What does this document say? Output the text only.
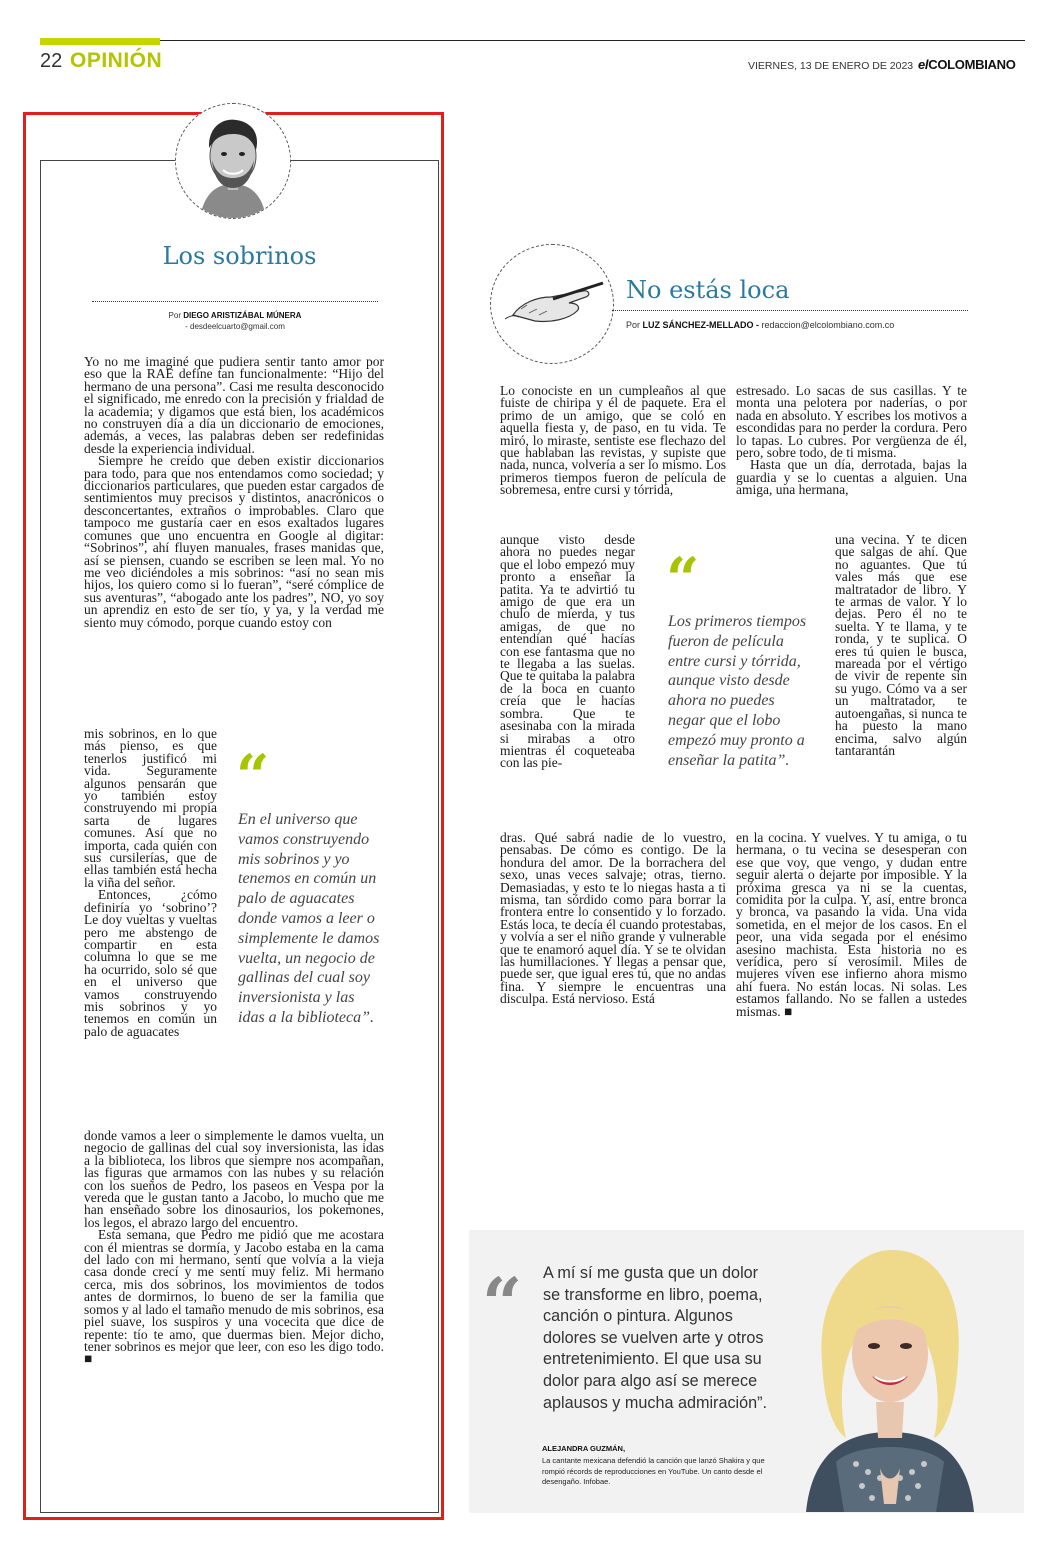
22 OPINIÓN	VIERNES, 13 DE ENERO DE 2023 elCOLOMBIANO
Los sobrinos
Por DIEGO ARISTIZÁBAL MÚNERA
- desdeelcuarto@gmail.com

Yo no me imaginé que pudiera sentir tanto amor por eso que la RAE define tan funcionalmente: “Hijo del hermano de una persona”. Casi me resulta desconocido el significado, me enredo con la precisión y frialdad de la academia; y digamos que está bien, los académicos no construyen día a día un diccionario de emociones, además, a veces, las palabras deben ser redefinidas desde la experiencia individual.

Siempre he creído que deben existir diccionarios para todo, para que nos entendamos como sociedad; y diccionarios particulares, que pueden estar cargados de sentimientos muy precisos y distintos, anacrónicos o desconcertantes, extraños o improbables. Claro que tampoco me gustaría caer en esos exaltados lugares comunes que uno encuentra en Google al digitar: “Sobrinos”, ahí fluyen manuales, frases manidas que, así se piensen, cuando se escriben se leen mal. Yo no me veo diciéndoles a mis sobrinos: “así no sean mis hijos, los quiero como si lo fueran”, “seré cómplice de sus aventuras”, “abogado ante los padres”, NO, yo soy un aprendiz en esto de ser tío, y ya, y la verdad me siento muy cómodo, porque cuando estoy con

mis sobrinos, en lo que más pienso, es que tenerlos justificó mi vida. Seguramente algunos pensarán que yo también estoy construyendo mi propia sarta de lugares comunes. Así que no importa, cada quién con sus cursilerías, que de ellas también está hecha la viña del señor.

Entonces, ¿cómo definiría yo ‘sobrino’? Le doy vueltas y vueltas pero me abstengo de compartir en esta columna lo que se me ha ocurrido, solo sé que en el universo que vamos construyendo mis sobrinos y yo tenemos en común un palo de aguacates

donde vamos a leer o simplemente le damos vuelta, un negocio de gallinas del cual soy inversionista, las idas a la biblioteca, los libros que siempre nos acompañan, las figuras que armamos con las nubes y su relación con los sueños de Pedro, los paseos en Vespa por la vereda que le gustan tanto a Jacobo, lo mucho que me han enseñado sobre los dinosaurios, los pokemones, los legos, el abrazo largo del encuentro.

Esta semana, que Pedro me pidió que me acostara con él mientras se dormía, y Jacobo estaba en la cama del lado con mi hermano, sentí que volvía a la vieja casa donde crecí y me sentí muy feliz. Mi hermano cerca, mis dos sobrinos, los movimientos de todos antes de dormirnos, lo bueno de ser la familia que somos y al lado el tamaño menudo de mis sobrinos, esa piel suave, los suspiros y una vocecita que dice de repente: tío te amo, que duermas bien. Mejor dicho, tener sobrinos es mejor que leer, con eso les digo todo. ■

“
En el universo que vamos construyendo mis sobrinos y yo tenemos en común un palo de aguacates donde vamos a leer o simplemente le damos vuelta, un negocio de gallinas del cual soy inversionista y las idas a la biblioteca”.
No estás loca
Por LUZ SÁNCHEZ-MELLADO - redaccion@elcolombiano.com.co

Lo conociste en un cumpleaños al que fuiste de chiripa y él de paquete. Era el primo de un amigo, que se coló en aquella fiesta y, de paso, en tu vida. Te miró, lo miraste, sentiste ese flechazo del que hablaban las revistas, y supiste que nada, nunca, volvería a ser lo mismo. Los primeros tiempos fueron de película de sobremesa, entre cursi y tórrida,

aunque visto desde ahora no puedes negar que el lobo empezó muy pronto a enseñar la patita. Ya te advirtió tu amigo de que era un chulo de mierda, y tus amigas, de que no entendían qué hacías con ese fantasma que no te llegaba a las suelas. Que te quitaba la palabra de la boca en cuanto creía que le hacías sombra. Que te asesinaba con la mirada si mirabas a otro mientras él coqueteaba con las pie-

dras. Qué sabrá nadie de lo vuestro, pensabas. De cómo es contigo. De la hondura del amor. De la borrachera del sexo, unas veces salvaje; otras, tierno. Demasiadas, y esto te lo niegas hasta a ti misma, tan sórdido como para borrar la frontera entre lo consentido y lo forzado. Estás loca, te decía él cuando protestabas, y volvía a ser el niño grande y vulnerable que te enamoró aquel día. Y se te olvidan las humillaciones. Y llegas a pensar que, puede ser, que igual eres tú, que no andas fina. Y siempre le encuentras una disculpa. Está nervioso. Está

estresado. Lo sacas de sus casillas. Y te monta una pelotera por naderías, o por nada en absoluto. Y escribes los motivos a escondidas para no perder la cordura. Pero lo tapas. Lo cubres. Por vergüenza de él, pero, sobre todo, de ti misma.

Hasta que un día, derrotada, bajas la guardia y se lo cuentas a alguien. Una amiga, una hermana,

una vecina. Y te dicen que salgas de ahí. Que no aguantes. Que tú vales más que ese maltratador de libro. Y te armas de valor. Y lo dejas. Pero él no te suelta. Y te llama, y te ronda, y te suplica. O eres tú quien le busca, mareada por el vértigo de vivir de repente sin su yugo. Cómo va a ser un maltratador, te autoengañas, si nunca te ha puesto la mano encima, salvo algún tantarantán

en la cocina. Y vuelves. Y tu amiga, o tu hermana, o tu vecina se desesperan con ese que voy, que vengo, y dudan entre seguir alerta o dejarte por imposible. Y la próxima gresca ya ni se la cuentas, comidita por la culpa. Y, así, entre bronca y bronca, va pasando la vida. Una vida sometida, en el mejor de los casos. En el peor, una vida segada por el enésimo asesino machista. Esta historia no es verídica, pero sí verosímil. Miles de mujeres viven ese infierno ahora mismo ahí fuera. No están locas. Ni solas. Les estamos fallando. No se fallen a ustedes mismas. ■

“
Los primeros tiempos fueron de película entre cursi y tórrida, aunque visto desde ahora no puedes negar que el lobo empezó muy pronto a enseñar la patita”.
“ A mí sí me gusta que un dolor se transforme en libro, poema, canción o pintura. Algunos dolores se vuelven arte y otros entretenimiento. El que usa su dolor para algo así se merece aplausos y mucha admiración”.
ALEJANDRA GUZMÁN,
La cantante mexicana defendió la canción que lanzó Shakira y que rompió récords de reproducciones en YouTube. Un canto desde el desengaño. Infobae.
